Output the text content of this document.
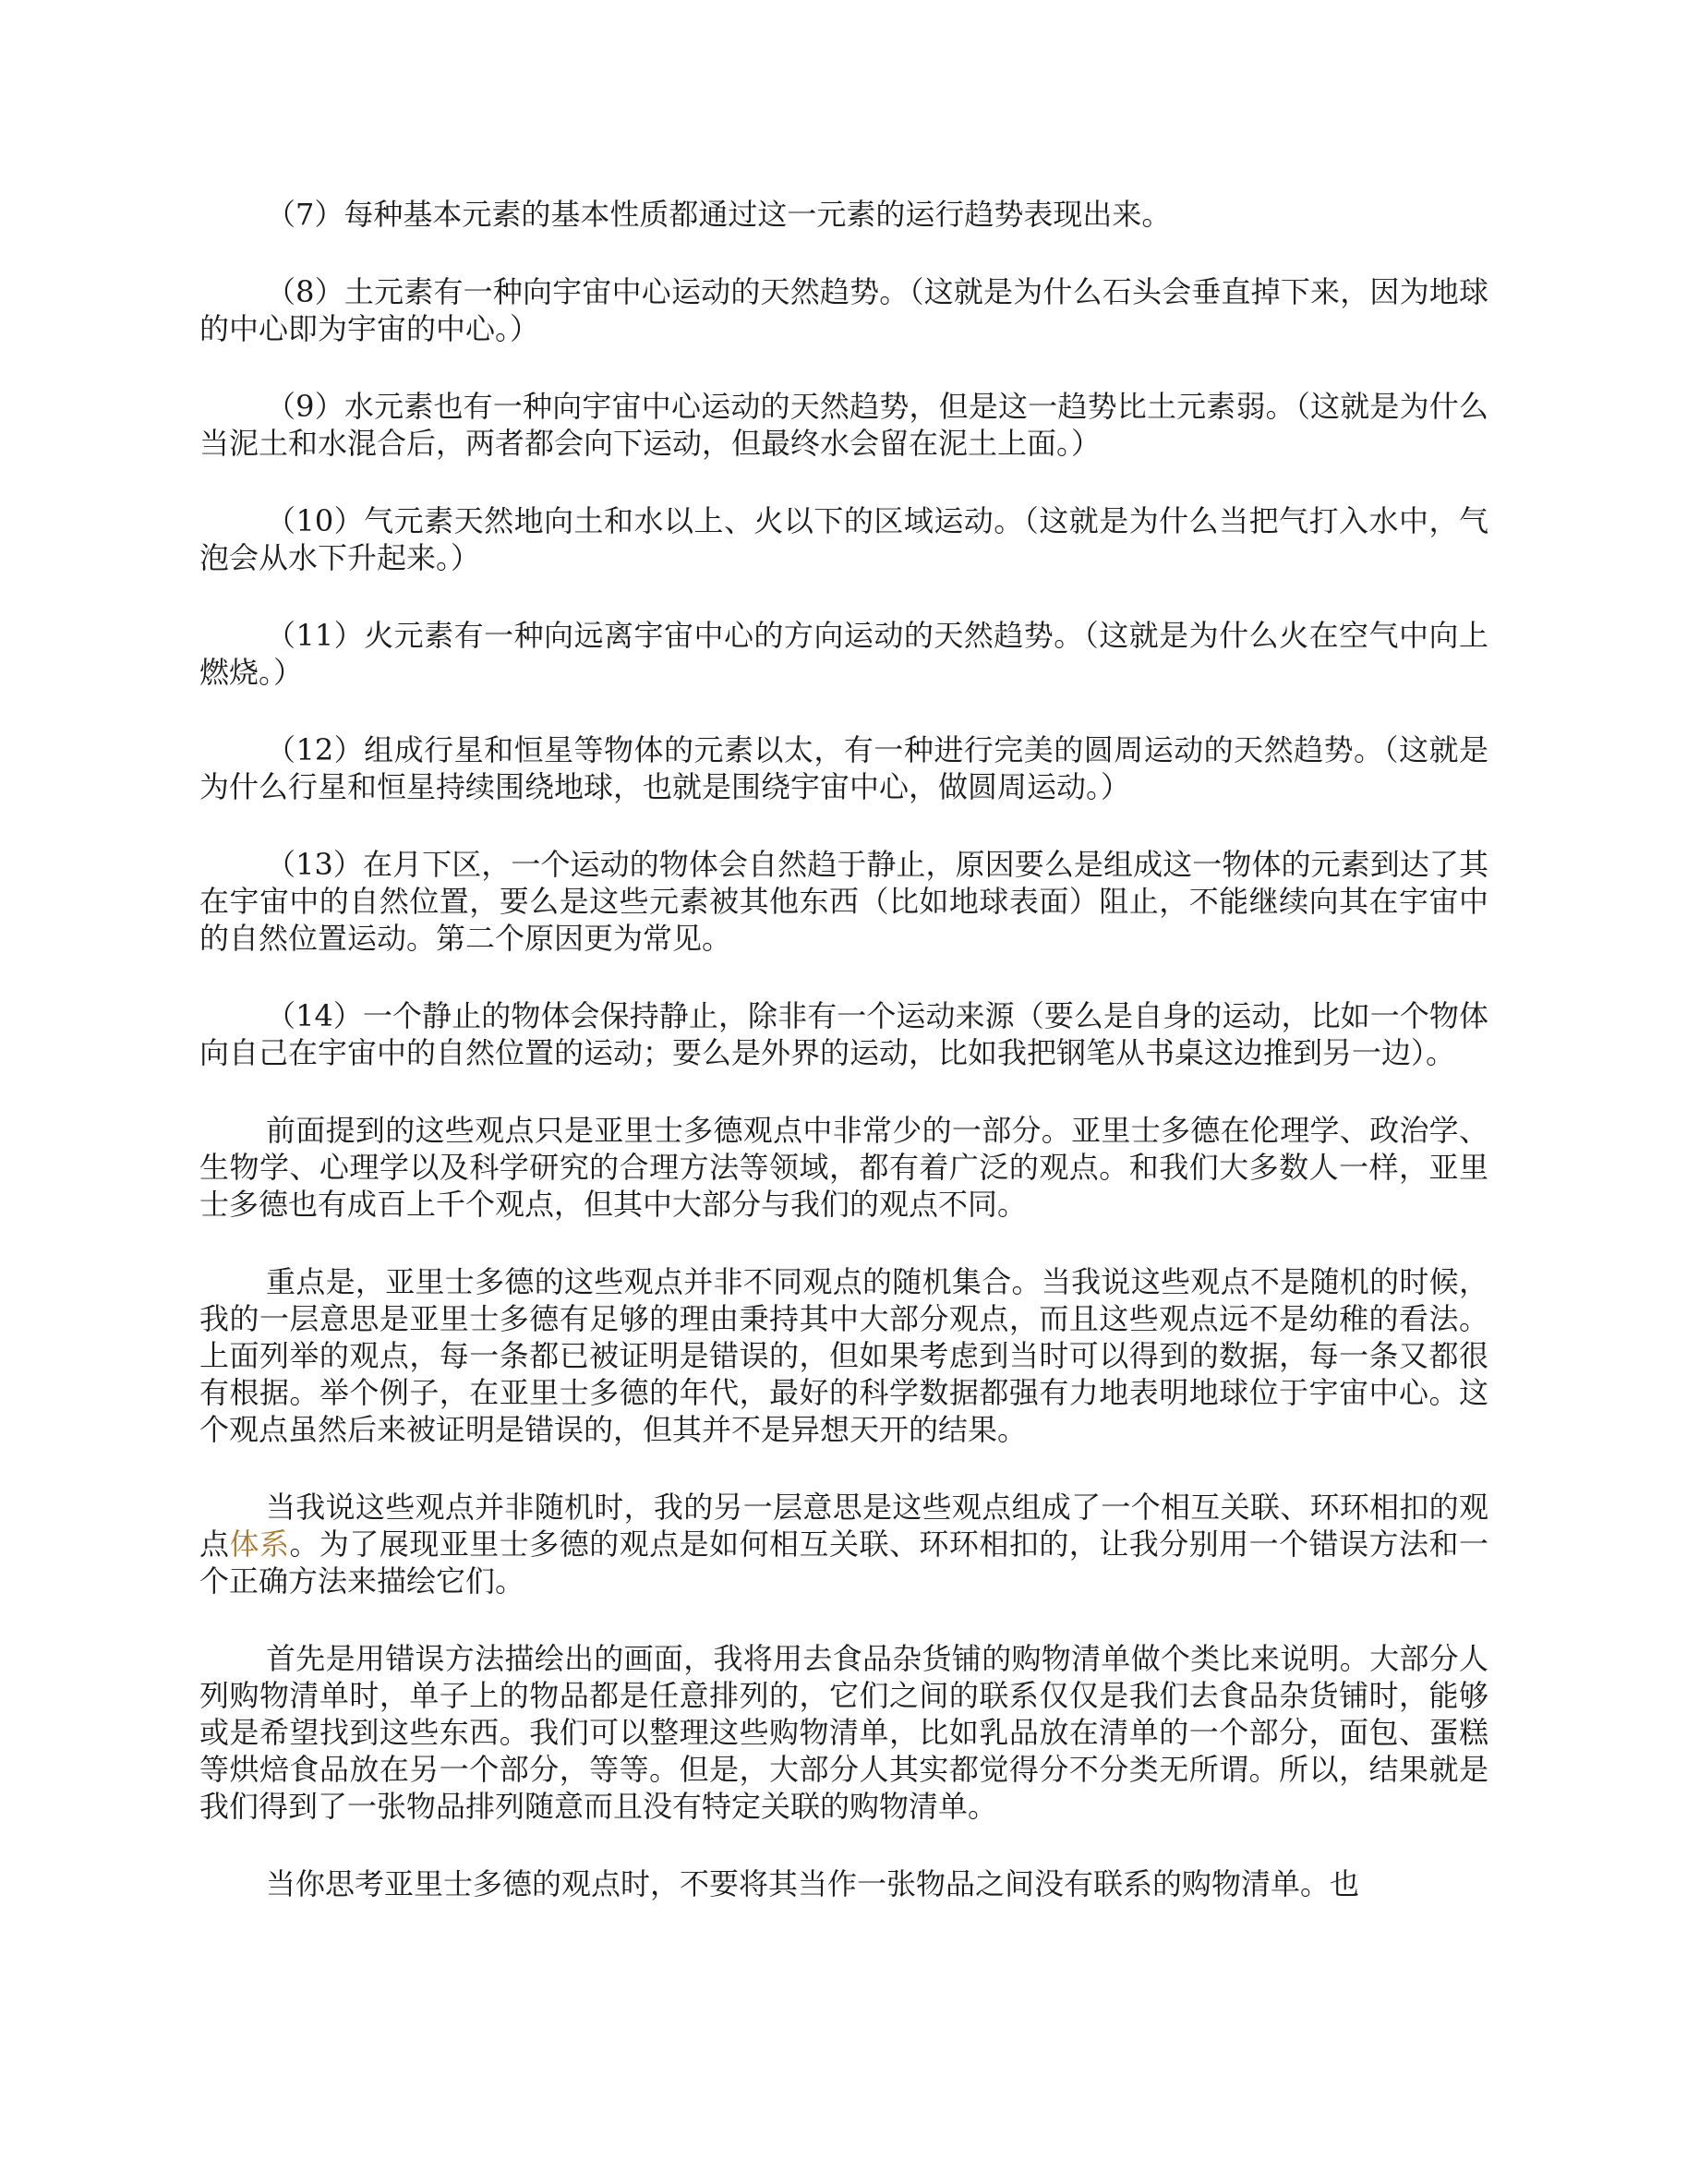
（7）每种基本元素的基本性质都通过这一元素的运行趋势表现出来。

（8）土元素有一种向宇宙中心运动的天然趋势。（这就是为什么石头会垂直掉下来，因为地球的中心即为宇宙的中心。）

（9）水元素也有一种向宇宙中心运动的天然趋势，但是这一趋势比土元素弱。（这就是为什么当泥土和水混合后，两者都会向下运动，但最终水会留在泥土上面。）

（10）气元素天然地向土和水以上、火以下的区域运动。（这就是为什么当把气打入水中，气泡会从水下升起来。）

（11）火元素有一种向远离宇宙中心的方向运动的天然趋势。（这就是为什么火在空气中向上燃烧。）

（12）组成行星和恒星等物体的元素以太，有一种进行完美的圆周运动的天然趋势。（这就是为什么行星和恒星持续围绕地球，也就是围绕宇宙中心，做圆周运动。）

（13）在月下区，一个运动的物体会自然趋于静止，原因要么是组成这一物体的元素到达了其在宇宙中的自然位置，要么是这些元素被其他东西（比如地球表面）阻止，不能继续向其在宇宙中的自然位置运动。第二个原因更为常见。

（14）一个静止的物体会保持静止，除非有一个运动来源（要么是自身的运动，比如一个物体向自己在宇宙中的自然位置的运动；要么是外界的运动，比如我把钢笔从书桌这边推到另一边）。

前面提到的这些观点只是亚里士多德观点中非常少的一部分。亚里士多德在伦理学、政治学、生物学、心理学以及科学研究的合理方法等领域，都有着广泛的观点。和我们大多数人一样，亚里士多德也有成百上千个观点，但其中大部分与我们的观点不同。

重点是，亚里士多德的这些观点并非不同观点的随机集合。当我说这些观点不是随机的时候，我的一层意思是亚里士多德有足够的理由秉持其中大部分观点，而且这些观点远不是幼稚的看法。上面列举的观点，每一条都已被证明是错误的，但如果考虑到当时可以得到的数据，每一条又都很有根据。举个例子，在亚里士多德的年代，最好的科学数据都强有力地表明地球位于宇宙中心。这个观点虽然后来被证明是错误的，但其并不是异想天开的结果。

当我说这些观点并非随机时，我的另一层意思是这些观点组成了一个相互关联、环环相扣的观点体系。为了展现亚里士多德的观点是如何相互关联、环环相扣的，让我分别用一个错误方法和一个正确方法来描绘它们。

首先是用错误方法描绘出的画面，我将用去食品杂货铺的购物清单做个类比来说明。大部分人列购物清单时，单子上的物品都是任意排列的，它们之间的联系仅仅是我们去食品杂货铺时，能够或是希望找到这些东西。我们可以整理这些购物清单，比如乳品放在清单的一个部分，面包、蛋糕等烘焙食品放在另一个部分，等等。但是，大部分人其实都觉得分不分类无所谓。所以，结果就是我们得到了一张物品排列随意而且没有特定关联的购物清单。

当你思考亚里士多德的观点时，不要将其当作一张物品之间没有联系的购物清单。也
